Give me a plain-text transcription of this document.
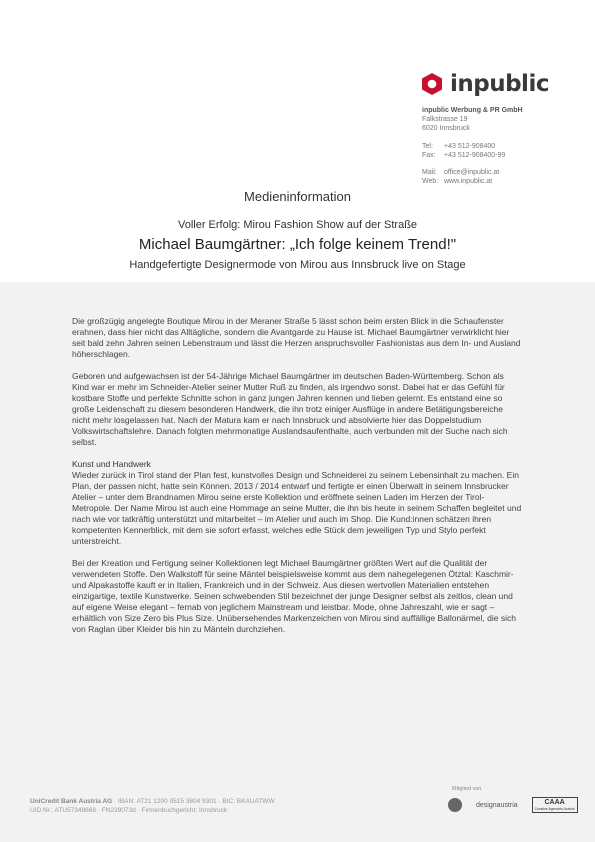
inpublic
inpublic Werbung & PR GmbH
Falkstrasse 19
6020 Innsbruck
Tel:	+43 512-908400
Fax:	+43 512-908400-99
Mail:	office@inpublic.at
Web: www.inpublic.at
Medieninformation
Voller Erfolg: Mirou Fashion Show auf der Straße
Michael Baumgärtner: „Ich folge keinem Trend!"
Handgefertigte Designermode von Mirou aus Innsbruck live on Stage

Die großzügig angelegte Boutique Mirou in der Meraner Straße 5 lässt schon beim ersten Blick in die Schaufenster erahnen, dass hier nicht das Alltägliche, sondern die Avantgarde zu Hause ist. Michael Baumgärtner verwirklicht hier seit bald zehn Jahren seinen Lebenstraum und lässt die Herzen anspruchsvoller Fashionistas aus dem In- und Ausland höherschlagen.

Geboren und aufgewachsen ist der 54-Jährige Michael Baumgärtner im deutschen Baden-Württemberg. Schon als Kind war er mehr im Schneider-Atelier seiner Mutter Ruß zu finden, als irgendwo sonst. Dabei hat er das Gefühl für kostbare Stoffe und perfekte Schnitte schon in ganz jungen Jahren kennen und lieben gelernt. Es entstand eine so große Leidenschaft zu diesem besonderen Handwerk, die ihn trotz einiger Ausflüge in andere Betätigungsbereiche nicht mehr losgelassen hat. Nach der Matura kam er nach Innsbruck und absolvierte hier das Doppelstudium Volkswirtschaftslehre. Danach folgten mehrmonatige Auslandsaufenthalte, auch verbunden mit der Suche nach sich selbst.

Kunst und Handwerk

Wieder zurück in Tirol stand der Plan fest, kunstvolles Design und Schneiderei zu seinem Lebensinhalt zu machen. Ein Plan, der passen nicht, hatte sein Können. 2013 / 2014 entwarf und fertigte er einen Überwalt in seinem Innsbrucker Atelier – unter dem Brandnamen Mirou seine erste Kollektion und eröffnete seinen Laden im Herzen der Tirol-Metropole. Der Name Mirou ist auch eine Hommage an seine Mutter, die ihn bis heute in seinem Schaffen begleitet und nach wie vor tatkräftig unterstützt und mitarbeitet – im Atelier und auch im Shop. Die Kund:innen schätzen ihren kompetenten Kennerblick, mit dem sie sofort erfasst, welches edle Stück dem jeweiligen Typ und Stylo perfekt unterstreicht.

Bei der Kreation und Fertigung seiner Kollektionen legt Michael Baumgärtner größten Wert auf die Qualität der verwendeten Stoffe. Den Walkstoff für seine Mäntel beispielsweise kommt aus dem nahegelegenen Ötztal: Kaschmir- und Alpakastoffe kauft er in Italien, Frankreich und in der Schweiz. Aus diesen wertvollen Materialien entstehen einzigartige, textile Kunstwerke. Seinen schwebenden Stil bezeichnet der junge Designer selbst als zeitlos, clean und auf eigene Weise elegant – fernab von jeglichem Mainstream und leistbar. Mode, ohne Jahreszahl, wie er sagt – erhältlich von Size Zero bis Plus Size. Unübersehendes Markenzeichen von Mirou sind auffällige Ballonärmel, die sich von Raglan über Kleider bis hin zu Mänteln durchziehen.

UniCredit Bank Austria AG · IBAN: AT21 1200 0515 3804 9301 · BIC: BKAUATWW
UID Nr.: ATU57348668 · FN239073d · Firmenbuchgericht: Innsbruck
Mitglied von
designaustria	CAAA
Creative Agencies Austria
